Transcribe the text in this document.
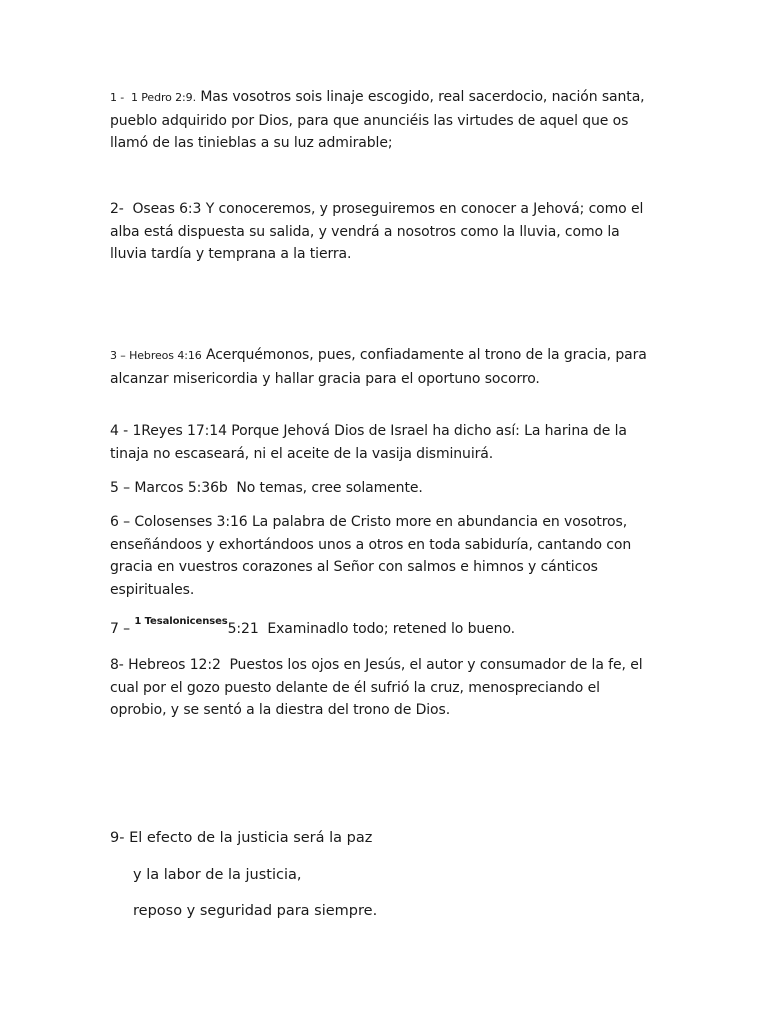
1 -  1 Pedro 2:9. Mas vosotros sois linaje escogido, real sacerdocio, nación santa, pueblo adquirido por Dios, para que anunciéis las virtudes de aquel que os llamó de las tinieblas a su luz admirable;
2-  Oseas 6:3 Y conoceremos, y proseguiremos en conocer a Jehová; como el alba está dispuesta su salida, y vendrá a nosotros como la lluvia, como la lluvia tardía y temprana a la tierra.
3 – Hebreos 4:16 Acerquémonos, pues, confiadamente al trono de la gracia, para alcanzar misericordia y hallar gracia para el oportuno socorro.
4 - 1Reyes 17:14 Porque Jehová Dios de Israel ha dicho así: La harina de la tinaja no escaseará, ni el aceite de la vasija disminuirá.
5 – Marcos 5:36b  No temas, cree solamente.
6 – Colosenses 3:16 La palabra de Cristo more en abundancia en vosotros, enseñándoos y exhortándoos unos a otros en toda sabiduría, cantando con gracia en vuestros corazones al Señor con salmos e himnos y cánticos espirituales.
7 – $^{1 Tesalonicenses}$5:21  Examinadlo todo; retened lo bueno.
8- Hebreos 12:2  Puestos los ojos en Jesús, el autor y consumador de la fe, el cual por el gozo puesto delante de él sufrió la cruz, menospreciando el oprobio, y se sentó a la diestra del trono de Dios.
9- El efecto de la justicia será la paz
y la labor de la justicia,
reposo y seguridad para siempre.
